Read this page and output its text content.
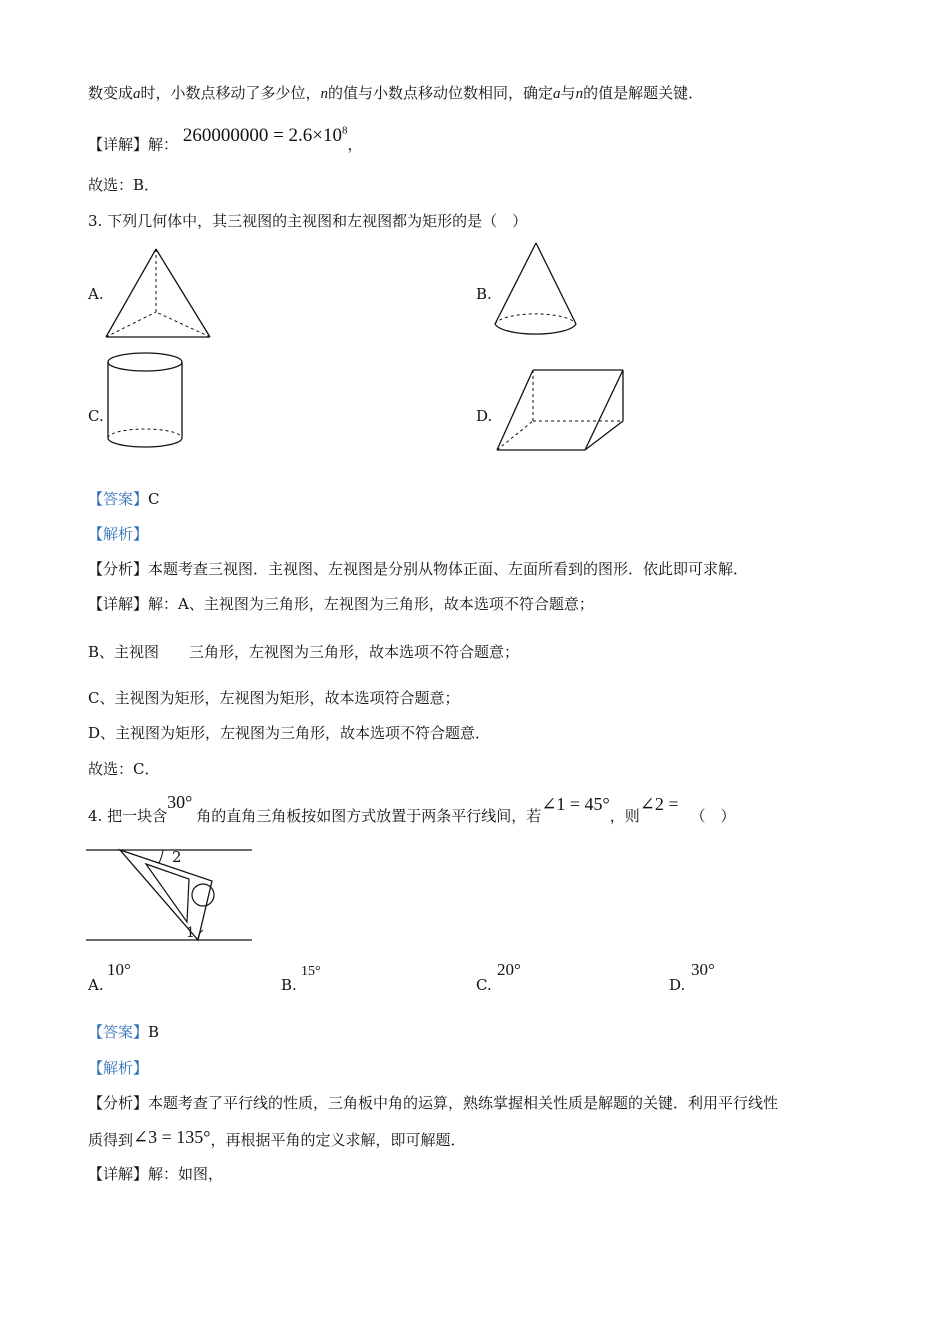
数变成a时，小数点移动了多少位，n的值与小数点移动位数相同，确定a与n的值是解题关键．
【详解】解： $260000000 = 2.6\times 10^8$，
故选：B．
3. 下列几何体中，其三视图的主视图和左视图都为矩形的是（　）
A.	B.
C.	D.
【答案】C
【解析】
【分析】本题考查三视图．主视图、左视图是分别从物体正面、左面所看到的图形．依此即可求解．
【详解】解：A、主视图为三角形，左视图为三角形，故本选项不符合题意；
B、主视图 三角形，左视图为三角形，故本选项不符合题意；
C、主视图为矩形，左视图为矩形，故本选项符合题意；
D、主视图为矩形，左视图为三角形，故本选项不符合题意．
故选：C．
4. 把一块含30°角的直角三角板按如图方式放置于两条平行线间，若∠1 = 45°，则∠2 =（　）
2
1
A.
10°
B.
15°
C.
20°
D.
30°
【答案】B
【解析】
【分析】本题考查了平行线的性质，三角板中角的运算，熟练掌握相关性质是解题的关键．利用平行线性
质得到∠3 = 135°，再根据平角的定义求解，即可解题．
【详解】解：如图，
